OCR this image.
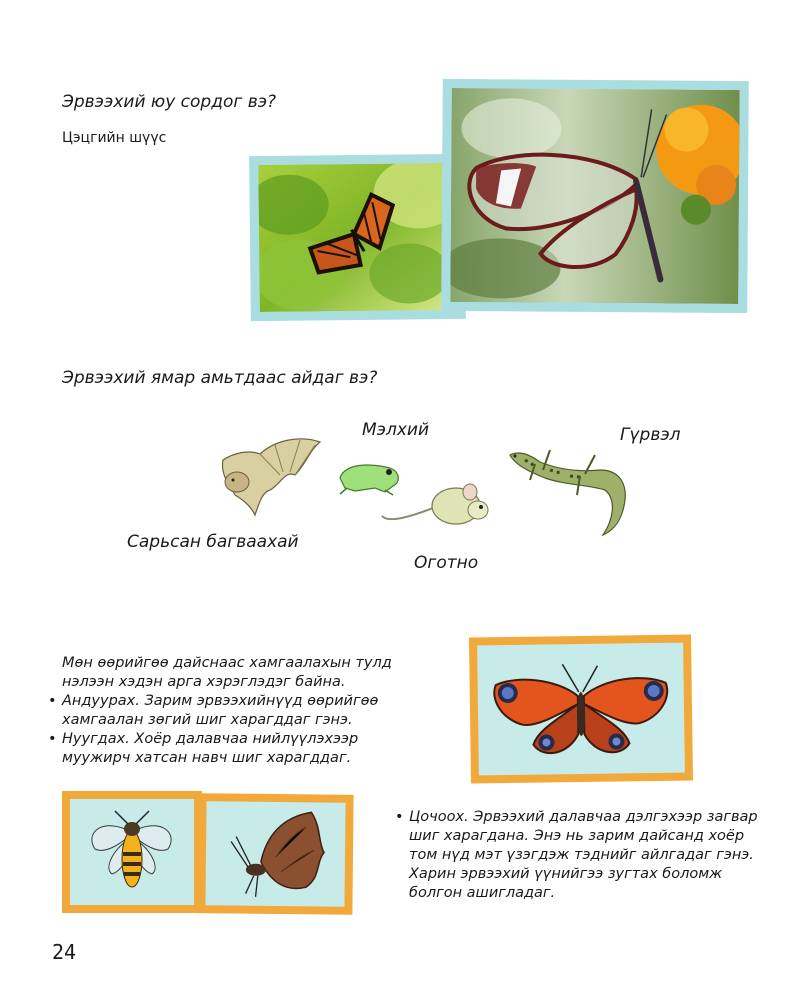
Эрвээхий юу сордог вэ?
Цэцгийн шүүс
Эрвээхий ямар амьтдаас айдаг вэ?
Сарьсан багваахай
Мэлхий
Оготно
Гүрвэл
Мөн өөрийгөө дайснаас хамгаалахын тулд
нэлээн хэдэн арга хэрэглэдэг байна.
• Андуурах. Зарим эрвээхийнүүд өөрийгөө
хамгаалан зөгий шиг харагддаг гэнэ.
• Нуугдах. Хоёр далавчаа нийлүүлэхээр
муужирч хатсан навч шиг харагддаг.
• Цочоох. Эрвээхий далавчаа дэлгэхээр загвар
шиг харагдана. Энэ нь зарим дайсанд хоёр
том нүд мэт үзэгдэж тэднийг айлгадаг гэнэ.
Харин эрвээхий үүнийгээ зугтах боломж
болгон ашигладаг.
24
